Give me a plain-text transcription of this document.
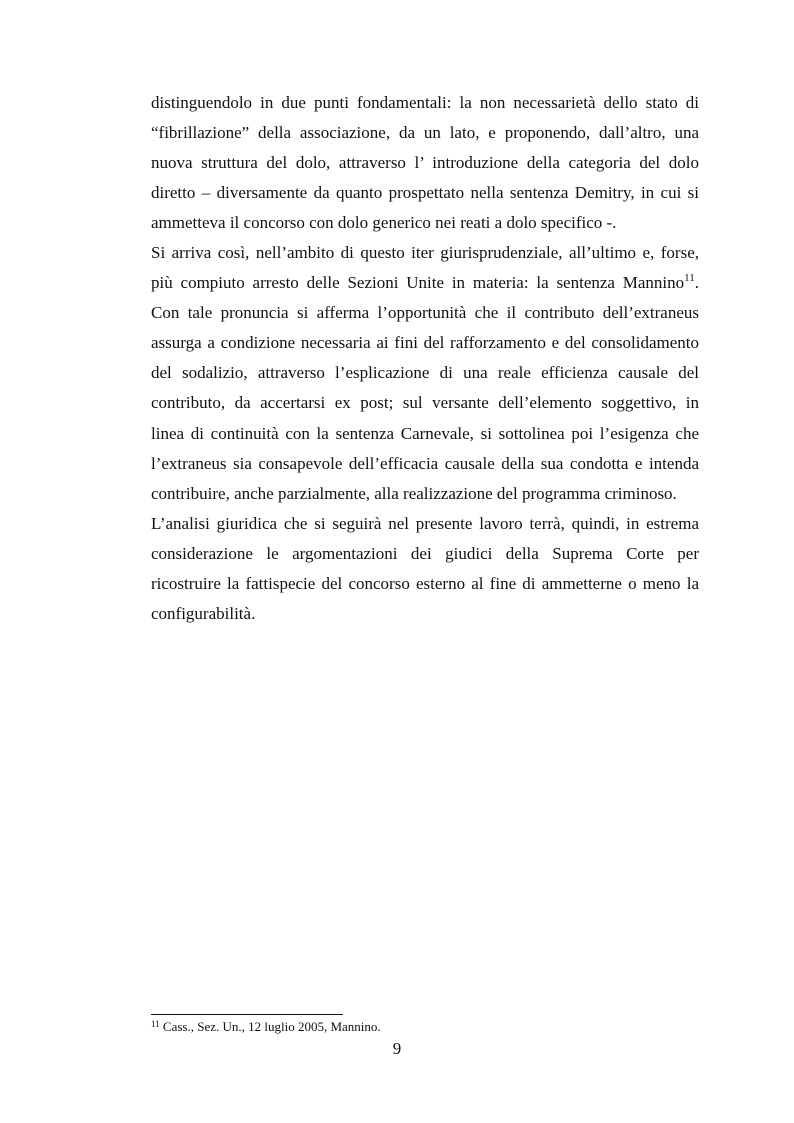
distinguendolo in due punti fondamentali: la non necessarietà dello stato di
“fibrillazione” della associazione, da un lato, e proponendo, dall’altro, una
nuova struttura del dolo, attraverso l’ introduzione della categoria del dolo
diretto – diversamente da quanto prospettato nella sentenza Demitry, in cui si
ammetteva il concorso con dolo generico nei reati a dolo specifico -.
Si arriva così, nell’ambito di questo iter giurisprudenziale, all’ultimo e, forse,
più compiuto arresto delle Sezioni Unite in materia: la sentenza Mannino$^{11}$.
Con tale pronuncia si afferma l’opportunità che il contributo dell’extraneus
assurga a condizione necessaria ai fini del rafforzamento e del consolidamento
del sodalizio, attraverso l’esplicazione di una reale efficienza causale del
contributo, da accertarsi ex post; sul versante dell’elemento soggettivo, in
linea di continuità con la sentenza Carnevale, si sottolinea poi l’esigenza che
l’extraneus sia consapevole dell’efficacia causale della sua condotta e intenda
contribuire, anche parzialmente, alla realizzazione del programma criminoso.
L’analisi giuridica che si seguirà nel presente lavoro terrà, quindi, in estrema
considerazione le argomentazioni dei giudici della Suprema Corte per
ricostruire la fattispecie del concorso esterno al fine di ammetterne o meno la
configurabilità.
$^{11}$ Cass., Sez. Un., 12 luglio 2005, Mannino.
9
